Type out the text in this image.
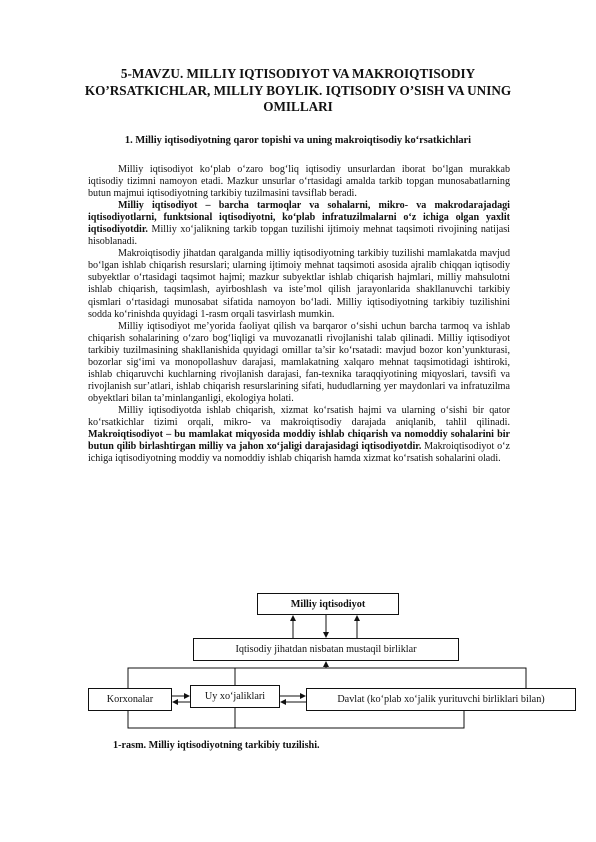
5-MAVZU. MILLIY IQTISODIYOT VA MAKROIQTISODIY KO’RSATKICHLAR, MILLIY BOYLIK. IQTISODIY O’SISH VA UNING OMILLARI
1. Milliy iqtisodiyotning qaror topishi va uning makroiqtisodiy ko‘rsatkichlari

Milliy iqtisodiyot ko‘plab o‘zaro bog‘liq iqtisodiy unsurlardan iborat bo‘lgan murakkab iqtisodiy tizimni namoyon etadi. Mazkur unsurlar o‘rtasidagi amalda tarkib topgan munosabatlarning butun majmui iqtisodiyotning tarkibiy tuzilmasini tavsiflab beradi.

Milliy iqtisodiyot – barcha tarmoqlar va sohalarni, mikro- va makrodarajadagi iqtisodiyotlarni, funktsional iqtisodiyotni, ko‘plab infratuzilmalarni o‘z ichiga olgan yaxlit iqtisodiyotdir. Milliy xo‘jalikning tarkib topgan tuzilishi ijtimoiy mehnat taqsimoti rivojining natijasi hisoblanadi.

Makroiqtisodiy jihatdan qaralganda milliy iqtisodiyotning tarkibiy tuzilishi mamlakatda mavjud bo‘lgan ishlab chiqarish resurslari; ularning ijtimoiy mehnat taqsimoti asosida ajralib chiqqan iqtisodiy subyektlar o‘rtasidagi taqsimot hajmi; mazkur subyektlar ishlab chiqarish hajmlari, milliy mahsulotni ishlab chiqarish, taqsimlash, ayirboshlash va iste’mol qilish jarayonlarida shakllanuvchi tarkibiy qismlari o‘rtasidagi munosabat sifatida namoyon bo‘ladi. Milliy iqtisodiyotning tarkibiy tuzilishini sodda ko‘rinishda quyidagi 1-rasm orqali tasvirlash mumkin.

Milliy iqtisodiyot me’yorida faoliyat qilish va barqaror o‘sishi uchun barcha tarmoq va ishlab chiqarish sohalarining o‘zaro bog‘liqligi va muvozanatli rivojlanishi talab qilinadi. Milliy iqtisodiyot tarkibiy tuzilmasining shakllanishida quyidagi omillar ta’sir ko‘rsatadi: mavjud bozor kon’yunkturasi, bozorlar sig‘imi va monopollashuv darajasi, mamlakatning xalqaro mehnat taqsimotidagi ishtiroki, ishlab chiqaruvchi kuchlarning rivojlanish darajasi, fan-texnika taraqqiyotining miqyoslari, tavsifi va rivojlanish sur’atlari, ishlab chiqarish resurslarining sifati, hududlarning yer maydonlari va infratuzilma obyektlari bilan ta’minlanganligi, ekologiya holati.

Milliy iqtisodiyotda ishlab chiqarish, xizmat ko‘rsatish hajmi va ularning o‘sishi bir qator ko‘rsatkichlar tizimi orqali, mikro- va makroiqtisodiy darajada aniqlanib, tahlil qilinadi. Makroiqtisodiyot – bu mamlakat miqyosida moddiy ishlab chiqarish va nomoddiy sohalarini bir butun qilib birlashtirgan milliy va jahon xo‘jaligi darajasidagi iqtisodiyotdir. Makroiqtisodiyot o‘z ichiga iqtisodiyotning moddiy va nomoddiy ishlab chiqarish hamda xizmat ko‘rsatish sohalarini oladi.

Milliy iqtisodiyot
Iqtisodiy jihatdan nisbatan mustaqil birliklar
Korxonalar	Uy xo‘jaliklari	Davlat (ko‘plab xo‘jalik yurituvchi birliklari bilan)
1-rasm. Milliy iqtisodiyotning tarkibiy tuzilishi.
